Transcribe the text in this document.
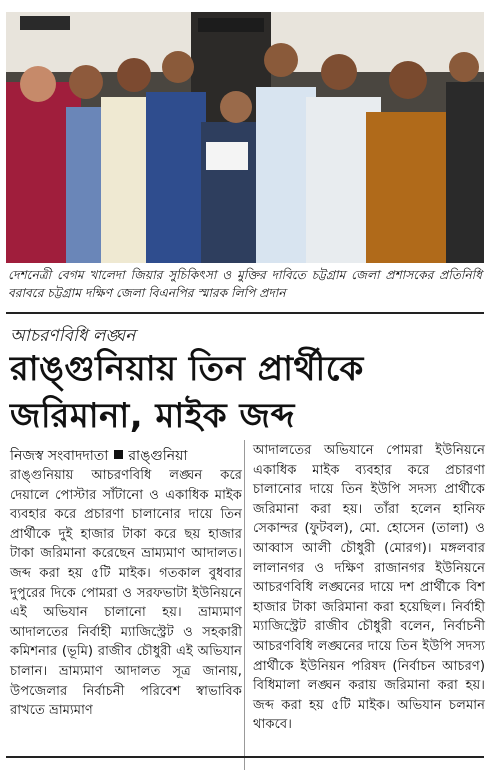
দেশনেত্রী বেগম খালেদা জিয়ার সুচিকিৎসা ও মুক্তির দাবিতে চট্টগ্রাম জেলা প্রশাসকের প্রতিনিধি বরাবরে চট্টগ্রাম দক্ষিণ জেলা বিএনপির স্মারক লিপি প্রদান
আচরণবিধি লঙ্ঘন
রাঙ্গুনিয়ায় তিন প্রার্থীকে
জরিমানা, মাইক জব্দ
নিজস্ব সংবাদদাতা রাঙ্গুনিয়া

রাঙ্গুনিয়ায় আচরণবিধি লঙ্ঘন করে দেয়ালে পোস্টার সাঁটানো ও একাধিক মাইক ব্যবহার করে প্রচারণা চালানোর দায়ে তিন প্রার্থীকে দুই হাজার টাকা করে ছয় হাজার টাকা জরিমানা করেছেন ভ্রাম্যমাণ আদালত। জব্দ করা হয় ৫টি মাইক। গতকাল বুধবার দুপুরের দিকে পোমরা ও সরফভাটা ইউনিয়নে এই অভিযান চালানো হয়। ভ্রাম্যমাণ আদালতের নির্বাহী ম্যাজিস্ট্রেট ও সহকারী কমিশনার (ভূমি) রাজীব চৌধুরী এই অভিযান চালান। ভ্রাম্যমাণ আদালত সূত্র জানায়, উপজেলার নির্বাচনী পরিবেশ স্বাভাবিক রাখতে ভ্রাম্যমাণ

আদালতের অভিযানে পোমরা ইউনিয়নে একাধিক মাইক ব্যবহার করে প্রচারণা চালানোর দায়ে তিন ইউপি সদস্য প্রার্থীকে জরিমানা করা হয়। তাঁরা হলেন হানিফ সেকান্দর (ফুটবল), মো. হোসেন (তালা) ও আব্বাস আলী চৌধুরী (মোরগ)। মঙ্গলবার লালানগর ও দক্ষিণ রাজানগর ইউনিয়নে আচরণবিধি লঙ্ঘনের দায়ে দশ প্রার্থীকে বিশ হাজার টাকা জরিমানা করা হয়েছিল। নির্বাহী ম্যাজিস্ট্রেট রাজীব চৌধুরী বলেন, নির্বাচনী আচরণবিধি লঙ্ঘনের দায়ে তিন ইউপি সদস্য প্রার্থীকে ইউনিয়ন পরিষদ (নির্বাচন আচরণ) বিধিমালা লঙ্ঘন করায় জরিমানা করা হয়। জব্দ করা হয় ৫টি মাইক। অভিযান চলমান থাকবে।
